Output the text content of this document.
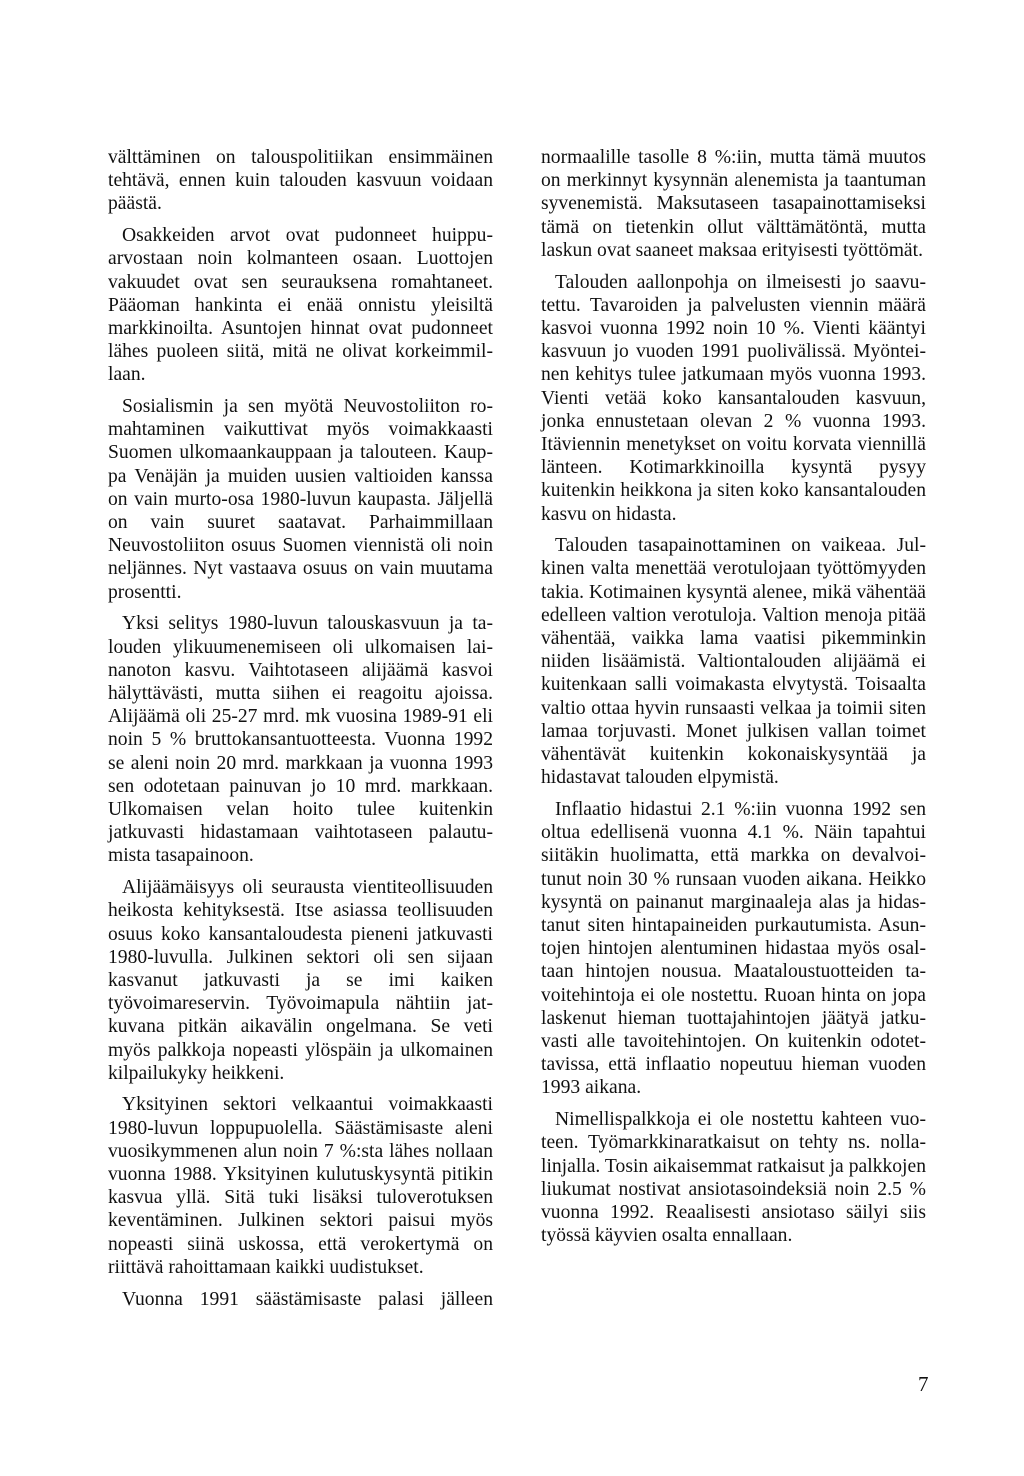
välttäminen on talouspolitiikan ensimmäinen tehtävä, ennen kuin talouden kasvuun voidaan päästä.

Osakkeiden arvot ovat pudonneet huippuarvostaan noin kolmanteen osaan. Luottojen vakuudet ovat sen seurauksena romahtaneet. Pääoman hankinta ei enää onnistu yleisiltä markkinoilta. Asuntojen hinnat ovat pudonneet lähes puoleen siitä, mitä ne olivat korkeimmillaan.

Sosialismin ja sen myötä Neuvostoliiton romahtaminen vaikuttivat myös voimakkaasti Suomen ulkomaankauppaan ja talouteen. Kauppa Venäjän ja muiden uusien valtioiden kanssa on vain murto-osa 1980-luvun kaupasta. Jäljellä on vain suuret saatavat. Parhaimmillaan Neuvostoliiton osuus Suomen viennistä oli noin neljännes. Nyt vastaava osuus on vain muutama prosentti.

Yksi selitys 1980-luvun talouskasvuun ja talouden ylikuumenemiseen oli ulkomaisen lainanoton kasvu. Vaihtotaseen alijäämä kasvoi hälyttävästi, mutta siihen ei reagoitu ajoissa. Alijäämä oli 25-27 mrd. mk vuosina 1989-91 eli noin 5 % bruttokansantuotteesta. Vuonna 1992 se aleni noin 20 mrd. markkaan ja vuonna 1993 sen odotetaan painuvan jo 10 mrd. markkaan. Ulkomaisen velan hoito tulee kuitenkin jatkuvasti hidastamaan vaihtotaseen palautumista tasapainoon.

Alijäämäisyys oli seurausta vientiteollisuuden heikosta kehityksestä. Itse asiassa teollisuuden osuus koko kansantaloudesta pieneni jatkuvasti 1980-luvulla. Julkinen sektori oli sen sijaan kasvanut jatkuvasti ja se imi kaiken työvoimareservin. Työvoimapula nähtiin jatkuvana pitkän aikavälin ongelmana. Se veti myös palkkoja nopeasti ylöspäin ja ulkomainen kilpailukyky heikkeni.

Yksityinen sektori velkaantui voimakkaasti 1980-luvun loppupuolella. Säästämisaste aleni vuosikymmenen alun noin 7 %:sta lähes nollaan vuonna 1988. Yksityinen kulutuskysyntä pitikin kasvua yllä. Sitä tuki lisäksi tuloverotuksen keventäminen. Julkinen sektori paisui myös nopeasti siinä uskossa, että verokertymä on riittävä rahoittamaan kaikki uudistukset.

Vuonna 1991 säästämisaste palasi jälleen

normaalille tasolle 8 %:iin, mutta tämä muutos on merkinnyt kysynnän alenemista ja taantuman syvenemistä. Maksutaseen tasapainottamiseksi tämä on tietenkin ollut välttämätöntä, mutta laskun ovat saaneet maksaa erityisesti työttömät.

Talouden aallonpohja on ilmeisesti jo saavutettu. Tavaroiden ja palvelusten viennin määrä kasvoi vuonna 1992 noin 10 %. Vienti kääntyi kasvuun jo vuoden 1991 puolivälissä. Myönteinen kehitys tulee jatkumaan myös vuonna 1993. Vienti vetää koko kansantalouden kasvuun, jonka ennustetaan olevan 2 % vuonna 1993. Itäviennin menetykset on voitu korvata viennillä länteen. Kotimarkkinoilla kysyntä pysyy kuitenkin heikkona ja siten koko kansantalouden kasvu on hidasta.

Talouden tasapainottaminen on vaikeaa. Julkinen valta menettää verotulojaan työttömyyden takia. Kotimainen kysyntä alenee, mikä vähentää edelleen valtion verotuloja. Valtion menoja pitää vähentää, vaikka lama vaatisi pikemminkin niiden lisäämistä. Valtiontalouden alijäämä ei kuitenkaan salli voimakasta elvytystä. Toisaalta valtio ottaa hyvin runsaasti velkaa ja toimii siten lamaa torjuvasti. Monet julkisen vallan toimet vähentävät kuitenkin kokonaiskysyntää ja hidastavat talouden elpymistä.

Inflaatio hidastui 2.1 %:iin vuonna 1992 sen oltua edellisenä vuonna 4.1 %. Näin tapahtui siitäkin huolimatta, että markka on devalvoitunut noin 30 % runsaan vuoden aikana. Heikko kysyntä on painanut marginaaleja alas ja hidastanut siten hintapaineiden purkautumista. Asuntojen hintojen alentuminen hidastaa myös osaltaan hintojen nousua. Maataloustuotteiden tavoitehintoja ei ole nostettu. Ruoan hinta on jopa laskenut hieman tuottajahintojen jäätyä jatkuvasti alle tavoitehintojen. On kuitenkin odotettavissa, että inflaatio nopeutuu hieman vuoden 1993 aikana.

Nimellispalkkoja ei ole nostettu kahteen vuoteen. Työmarkkinaratkaisut on tehty ns. nollalinjalla. Tosin aikaisemmat ratkaisut ja palkkojen liukumat nostivat ansiotasoindeksiä noin 2.5 % vuonna 1992. Reaalisesti ansiotaso säilyi siis työssä käyvien osalta ennallaan.

7
